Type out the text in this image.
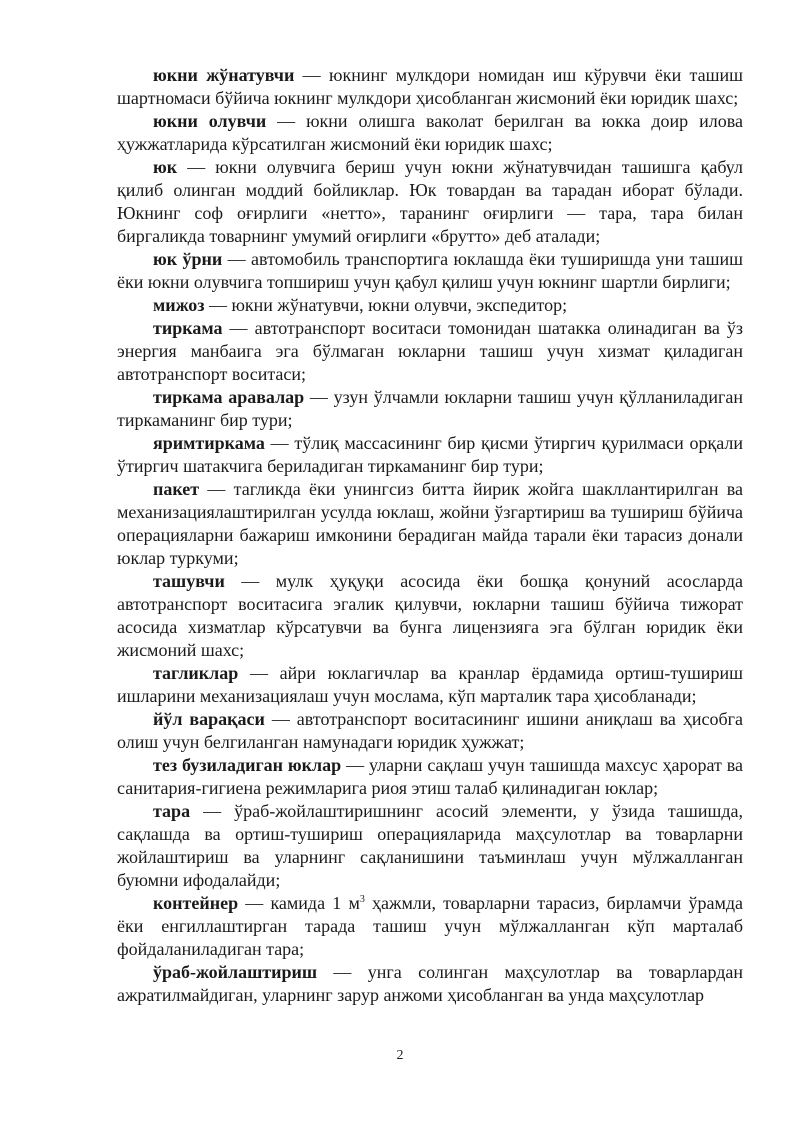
юкни жўнатувчи — юкнинг мулкдори номидан иш кўрувчи ёки ташиш шартномаси бўйича юкнинг мулкдори ҳисобланган жисмоний ёки юридик шахс;

юкни олувчи — юкни олишга ваколат берилган ва юкка доир илова ҳужжатларида кўрсатилган жисмоний ёки юридик шахс;

юк — юкни олувчига бериш учун юкни жўнатувчидан ташишга қабул қилиб олинган моддий бойликлар. Юк товардан ва тарадан иборат бўлади. Юкнинг соф оғирлиги «нетто», таранинг оғирлиги — тара, тара билан биргаликда товарнинг умумий оғирлиги «брутто» деб аталади;

юк ўрни — автомобиль транспортига юклашда ёки туширишда уни ташиш ёки юкни олувчига топшириш учун қабул қилиш учун юкнинг шартли бирлиги;

мижоз — юкни жўнатувчи, юкни олувчи, экспедитор;

тиркама — автотранспорт воситаси томонидан шатакка олинадиган ва ўз энергия манбаига эга бўлмаган юкларни ташиш учун хизмат қиладиган автотранспорт воситаси;

тиркама аравалар — узун ўлчамли юкларни ташиш учун қўлланиладиган тиркаманинг бир тури;

яримтиркама — тўлиқ массасининг бир қисми ўтиргич қурилмаси орқали ўтиргич шатакчига бериладиган тиркаманинг бир тури;

пакет — тагликда ёки унингсиз битта йирик жойга шакллантирилган ва механизациялаштирилган усулда юклаш, жойни ўзгартириш ва тушириш бўйича операцияларни бажариш имконини берадиган майда тарали ёки тарасиз донали юклар туркуми;

ташувчи — мулк ҳуқуқи асосида ёки бошқа қонуний асосларда автотранспорт воситасига эгалик қилувчи, юкларни ташиш бўйича тижорат асосида хизматлар кўрсатувчи ва бунга лицензияга эга бўлган юридик ёки жисмоний шахс;

тагликлар — айри юклагичлар ва кранлар ёрдамида ортиш-тушириш ишларини механизациялаш учун мослама, кўп марталик тара ҳисобланади;

йўл варақаси — автотранспорт воситасининг ишини аниқлаш ва ҳисобга олиш учун белгиланган намунадаги юридик ҳужжат;

тез бузиладиган юклар — уларни сақлаш учун ташишда махсус ҳарорат ва санитария-гигиена режимларига риоя этиш талаб қилинадиган юклар;

тара — ўраб-жойлаштиришнинг асосий элементи, у ўзида ташишда, сақлашда ва ортиш-тушириш операцияларида маҳсулотлар ва товарларни жойлаштириш ва уларнинг сақланишини таъминлаш учун мўлжалланган буюмни ифодалайди;

контейнер — камида 1 $м^3$ ҳажмли, товарларни тарасиз, бирламчи ўрамда ёки енгиллаштирган тарада ташиш учун мўлжалланган кўп марталаб фойдаланиладиган тара;

ўраб-жойлаштириш — унга солинган маҳсулотлар ва товарлардан ажратилмайдиган, уларнинг зарур анжоми ҳисобланган ва унда маҳсулотлар

2
